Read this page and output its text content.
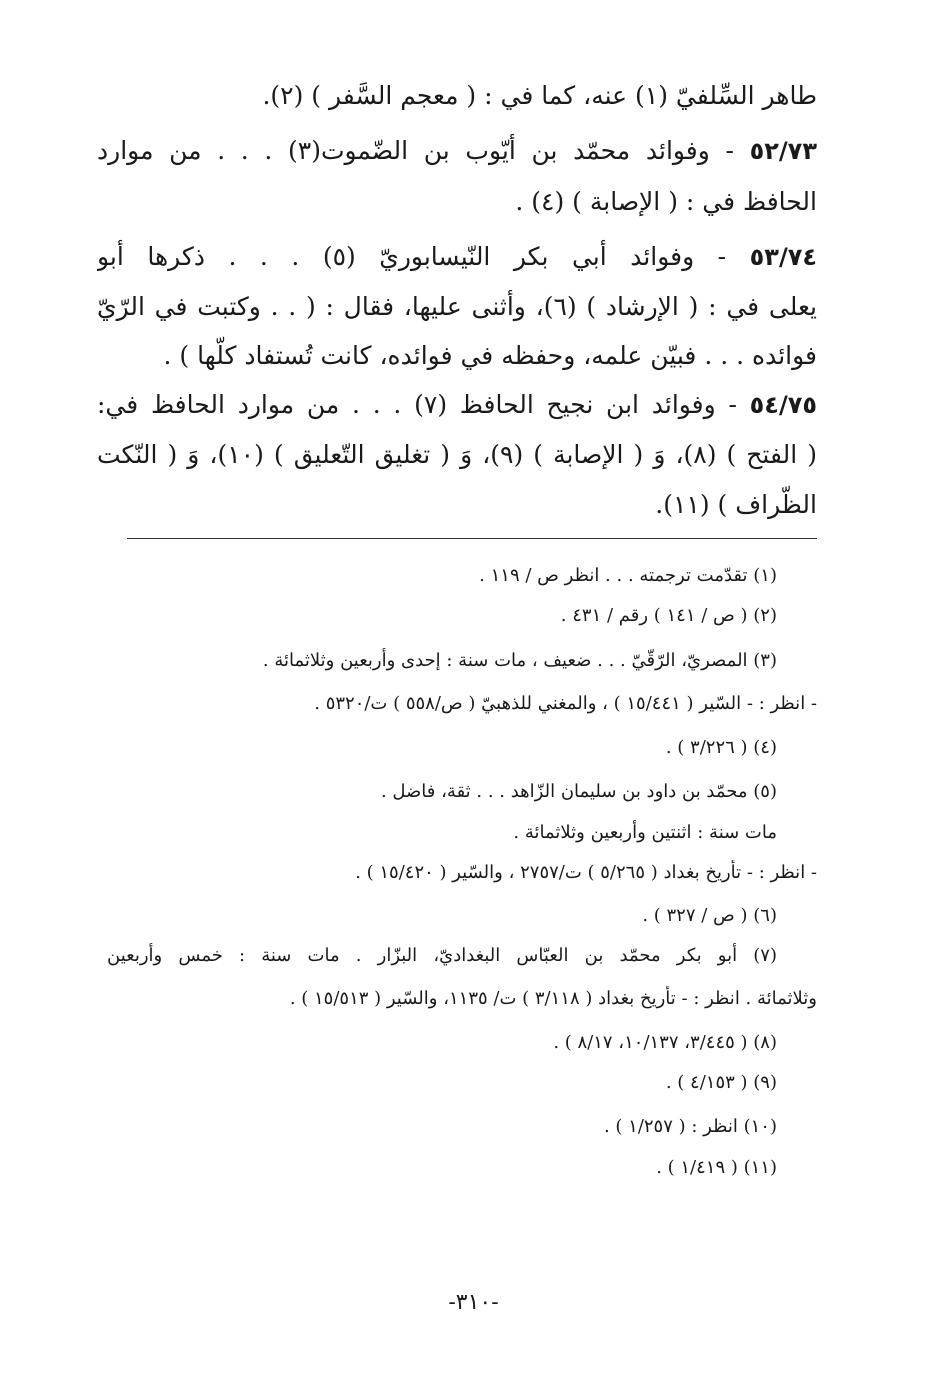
طاهر السِّلفيّ (١) عنه، كما في : ( معجم السَّفر ) (٢).
٥٢/٧٣ - وفوائد محمّد بن أيّوب بن الضّموت(٣) . . . من موارد
الحافظ في : ( الإصابة ) (٤) .
٥٣/٧٤ - وفوائد أبي بكر النّيسابوريّ (٥) . . . ذكرها أبو
يعلى في : ( الإرشاد ) (٦)، وأثنى عليها، فقال : ( . . وكتبت في الرّيّ
فوائده . . . فبيّن علمه، وحفظه في فوائده، كانت تُستفاد كلّها ) .
٥٤/٧٥ - وفوائد ابن نجيح الحافظ (٧) . . . من موارد الحافظ في:
( الفتح ) (٨)، وَ ( الإصابة ) (٩)، وَ ( تغليق التّعليق ) (١٠)، وَ ( النّكت
الظّراف ) (١١).
(١) تقدّمت ترجمته . . . انظر ص / ١١٩ .
(٢) ( ص / ١٤١ ) رقم / ٤٣١ .
(٣) المصريّ، الرّقّيّ . . . ضعيف ، مات سنة : إحدى وأربعين وثلاثمائة .
- انظر : - السّير ( ١٥/٤٤١ ) ، والمغني للذهبيّ ( ص/٥٥٨ ) ت/٥٣٢٠ .
(٤) ( ٣/٢٢٦ ) .
(٥) محمّد بن داود بن سليمان الزّاهد . . . ثقة، فاضل .
مات سنة : اثنتين وأربعين وثلاثمائة .
- انظر : - تأريخ بغداد ( ٥/٢٦٥ ) ت/٢٧٥٧ ، والسّير ( ١٥/٤٢٠ ) .
(٦) ( ص / ٣٢٧ ) .
(٧) أبو بكر محمّد بن العبّاس البغداديّ، البزّار . مات سنة : خمس وأربعين
وثلاثمائة . انظر : - تأريخ بغداد ( ٣/١١٨ ) ت/ ١١٣٥، والسّير ( ١٥/٥١٣ ) .
(٨) ( ٣/٤٤٥، ١٠/١٣٧، ٨/١٧ ) .
(٩) ( ٤/١٥٣ ) .
(١٠) انظر : ( ١/٢٥٧ ) .
(١١) ( ١/٤١٩ ) .
-٣١٠-
